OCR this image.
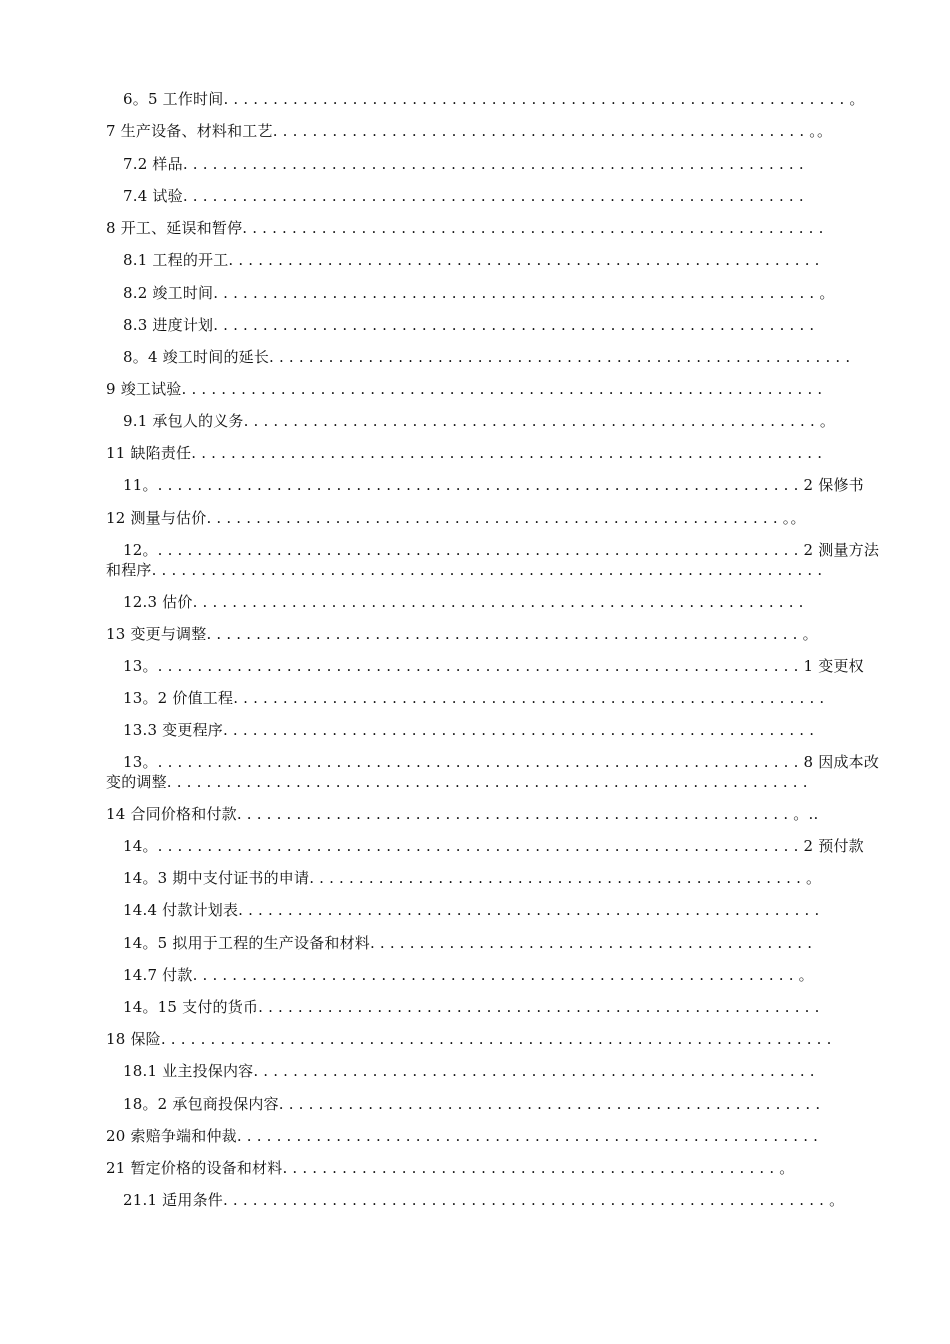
6。5 工作时间. . . . . . . . . . . . . . . . . . . . . . . . . . . . . . . . . . . . . . . . . . . . . . . . . . . . . . . . . . . . . . . 。
7 生产设备、材料和工艺. . . . . . . . . . . . . . . . . . . . . . . . . . . . . . . . . . . . . . . . . . . . . . . . . . . . . . 。。
7.2 样品. . . . . . . . . . . . . . . . . . . . . . . . . . . . . . . . . . . . . . . . . . . . . . . . . . . . . . . . . . . . . . .
7.4 试验. . . . . . . . . . . . . . . . . . . . . . . . . . . . . . . . . . . . . . . . . . . . . . . . . . . . . . . . . . . . . . .
8 开工、延误和暂停. . . . . . . . . . . . . . . . . . . . . . . . . . . . . . . . . . . . . . . . . . . . . . . . . . . . . . . . . . .
8.1 工程的开工. . . . . . . . . . . . . . . . . . . . . . . . . . . . . . . . . . . . . . . . . . . . . . . . . . . . . . . . . . . .
8.2 竣工时间. . . . . . . . . . . . . . . . . . . . . . . . . . . . . . . . . . . . . . . . . . . . . . . . . . . . . . . . . . . . . 。
8.3 进度计划. . . . . . . . . . . . . . . . . . . . . . . . . . . . . . . . . . . . . . . . . . . . . . . . . . . . . . . . . . . . .
8。4 竣工时间的延长. . . . . . . . . . . . . . . . . . . . . . . . . . . . . . . . . . . . . . . . . . . . . . . . . . . . . . . . . . .
9 竣工试验. . . . . . . . . . . . . . . . . . . . . . . . . . . . . . . . . . . . . . . . . . . . . . . . . . . . . . . . . . . . . . . . .
9.1 承包人的义务. . . . . . . . . . . . . . . . . . . . . . . . . . . . . . . . . . . . . . . . . . . . . . . . . . . . . . . . . . 。
11 缺陷责任. . . . . . . . . . . . . . . . . . . . . . . . . . . . . . . . . . . . . . . . . . . . . . . . . . . . . . . . . . . . . . . .
11。. . . . . . . . . . . . . . . . . . . . . . . . . . . . . . . . . . . . . . . . . . . . . . . . . . . . . . . . . . . . . . . . . 2 保修书
12 测量与估价. . . . . . . . . . . . . . . . . . . . . . . . . . . . . . . . . . . . . . . . . . . . . . . . . . . . . . . . . . 。。
12。. . . . . . . . . . . . . . . . . . . . . . . . . . . . . . . . . . . . . . . . . . . . . . . . . . . . . . . . . . . . . . . . . 2 测量方法
和程序. . . . . . . . . . . . . . . . . . . . . . . . . . . . . . . . . . . . . . . . . . . . . . . . . . . . . . . . . . . . . . . . . . . .
12.3 估价. . . . . . . . . . . . . . . . . . . . . . . . . . . . . . . . . . . . . . . . . . . . . . . . . . . . . . . . . . . . . .
13 变更与调整. . . . . . . . . . . . . . . . . . . . . . . . . . . . . . . . . . . . . . . . . . . . . . . . . . . . . . . . . . . . 。
13。. . . . . . . . . . . . . . . . . . . . . . . . . . . . . . . . . . . . . . . . . . . . . . . . . . . . . . . . . . . . . . . . . 1 变更权
13。2 价值工程. . . . . . . . . . . . . . . . . . . . . . . . . . . . . . . . . . . . . . . . . . . . . . . . . . . . . . . . . . . .
13.3 变更程序. . . . . . . . . . . . . . . . . . . . . . . . . . . . . . . . . . . . . . . . . . . . . . . . . . . . . . . . . . . .
13。. . . . . . . . . . . . . . . . . . . . . . . . . . . . . . . . . . . . . . . . . . . . . . . . . . . . . . . . . . . . . . . . . 8 因成本改
变的调整. . . . . . . . . . . . . . . . . . . . . . . . . . . . . . . . . . . . . . . . . . . . . . . . . . . . . . . . . . . . . . . . .
14 合同价格和付款. . . . . . . . . . . . . . . . . . . . . . . . . . . . . . . . . . . . . . . . . . . . . . . . . . . . . . . . 。..
14。. . . . . . . . . . . . . . . . . . . . . . . . . . . . . . . . . . . . . . . . . . . . . . . . . . . . . . . . . . . . . . . . . 2 预付款
14。3 期中支付证书的申请. . . . . . . . . . . . . . . . . . . . . . . . . . . . . . . . . . . . . . . . . . . . . . . . . . 。
14.4 付款计划表. . . . . . . . . . . . . . . . . . . . . . . . . . . . . . . . . . . . . . . . . . . . . . . . . . . . . . . . . . .
14。5 拟用于工程的生产设备和材料. . . . . . . . . . . . . . . . . . . . . . . . . . . . . . . . . . . . . . . . . . . . .
14.7 付款. . . . . . . . . . . . . . . . . . . . . . . . . . . . . . . . . . . . . . . . . . . . . . . . . . . . . . . . . . . . . 。
14。15 支付的货币. . . . . . . . . . . . . . . . . . . . . . . . . . . . . . . . . . . . . . . . . . . . . . . . . . . . . . . . .
18 保险. . . . . . . . . . . . . . . . . . . . . . . . . . . . . . . . . . . . . . . . . . . . . . . . . . . . . . . . . . . . . . . . . . . .
18.1 业主投保内容. . . . . . . . . . . . . . . . . . . . . . . . . . . . . . . . . . . . . . . . . . . . . . . . . . . . . . . . .
18。2 承包商投保内容. . . . . . . . . . . . . . . . . . . . . . . . . . . . . . . . . . . . . . . . . . . . . . . . . . . . . . .
20 索赔争端和仲裁. . . . . . . . . . . . . . . . . . . . . . . . . . . . . . . . . . . . . . . . . . . . . . . . . . . . . . . . . . .
21 暂定价格的设备和材料. . . . . . . . . . . . . . . . . . . . . . . . . . . . . . . . . . . . . . . . . . . . . . . . . . 。
21.1 适用条件. . . . . . . . . . . . . . . . . . . . . . . . . . . . . . . . . . . . . . . . . . . . . . . . . . . . . . . . . . . . . 。
